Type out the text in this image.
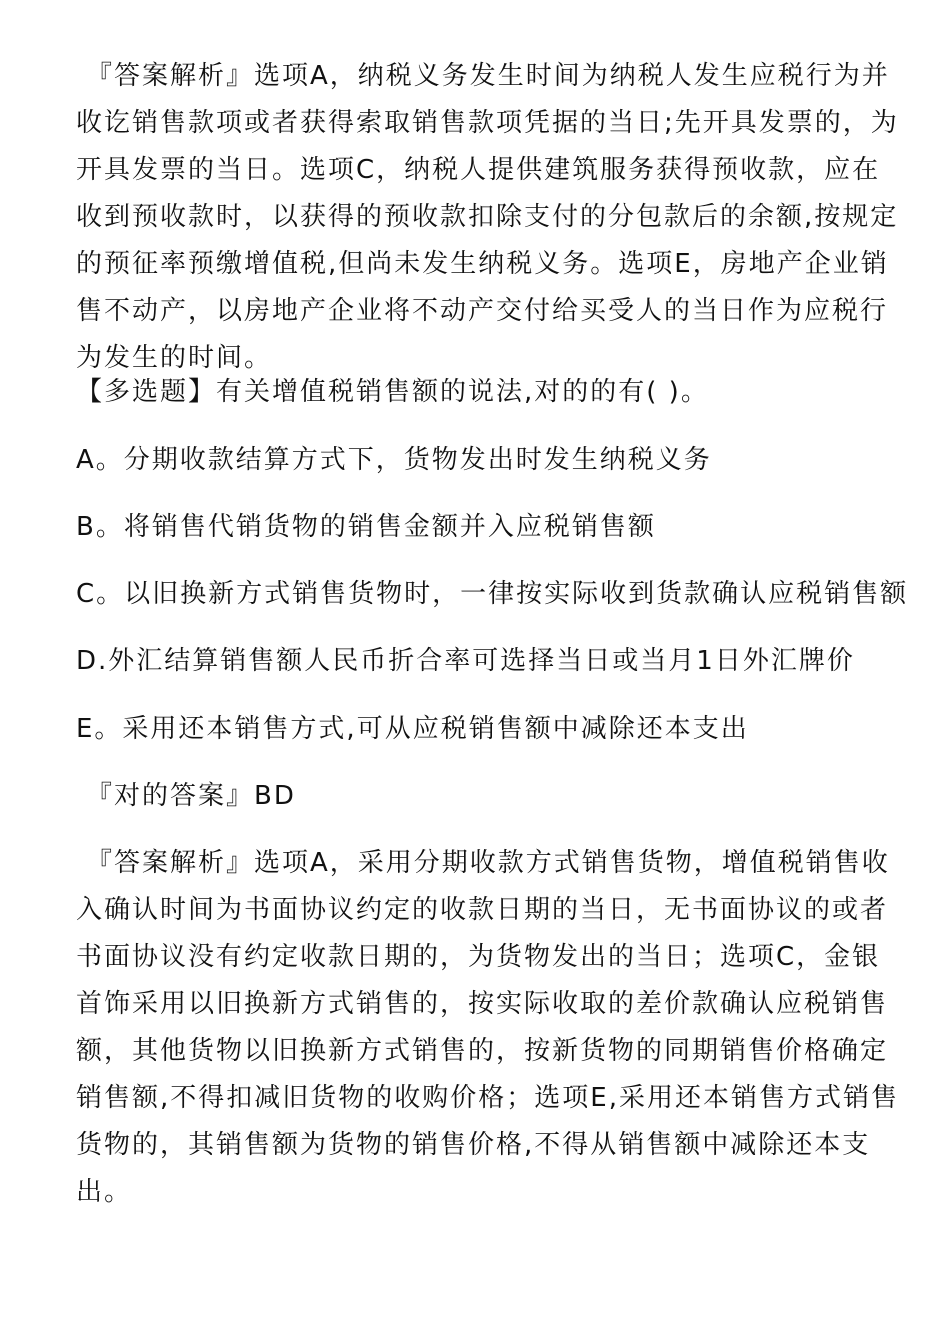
『答案解析』选项A，纳税义务发生时间为纳税人发生应税行为并收讫销售款项或者获得索取销售款项凭据的当日;先开具发票的，为开具发票的当日。选项C，纳税人提供建筑服务获得预收款，应在收到预收款时，以获得的预收款扣除支付的分包款后的余额,按规定的预征率预缴增值税,但尚未发生纳税义务。选项E，房地产企业销售不动产，以房地产企业将不动产交付给买受人的当日作为应税行为发生的时间。

【多选题】有关增值税销售额的说法,对的的有( )。
A。分期收款结算方式下，货物发出时发生纳税义务
B。将销售代销货物的销售金额并入应税销售额
C。以旧换新方式销售货物时，一律按实际收到货款确认应税销售额
D.外汇结算销售额人民币折合率可选择当日或当月1日外汇牌价
E。采用还本销售方式,可从应税销售额中减除还本支出
『对的答案』BD

『答案解析』选项A，采用分期收款方式销售货物，增值税销售收入确认时间为书面协议约定的收款日期的当日，无书面协议的或者书面协议没有约定收款日期的，为货物发出的当日；选项C，金银首饰采用以旧换新方式销售的，按实际收取的差价款确认应税销售额，其他货物以旧换新方式销售的，按新货物的同期销售价格确定销售额,不得扣减旧货物的收购价格；选项E,采用还本销售方式销售货物的，其销售额为货物的销售价格,不得从销售额中减除还本支出。
